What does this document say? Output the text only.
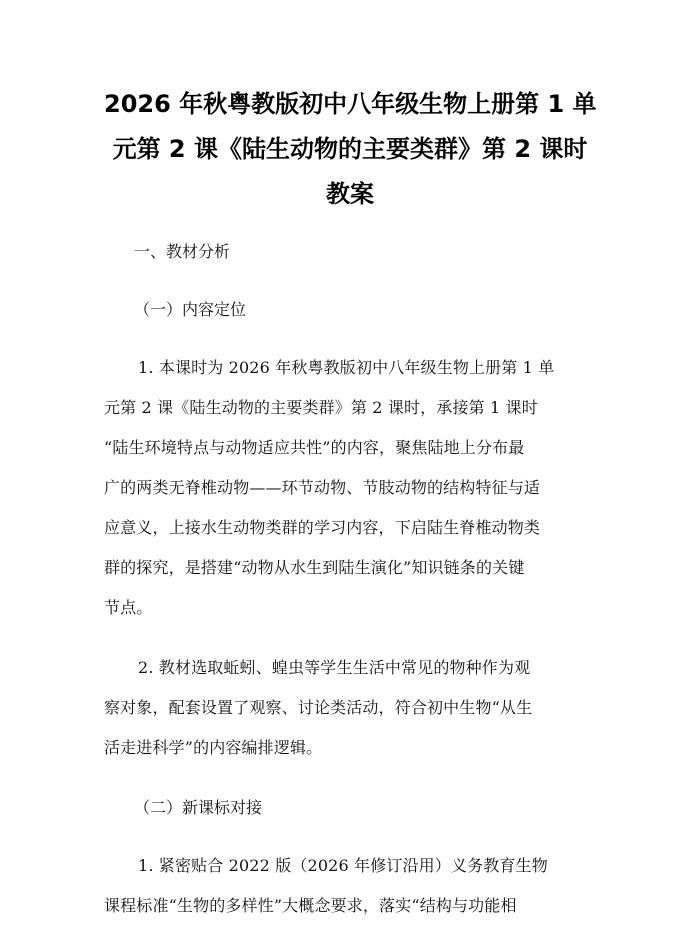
2026 年秋粤教版初中八年级生物上册第 1 单
元第 2 课《陆生动物的主要类群》第 2 课时
教案

一、教材分析

（一）内容定位

1. 本课时为 2026 年秋粤教版初中八年级生物上册第 1 单
元第 2 课《陆生动物的主要类群》第 2 课时，承接第 1 课时
“陆生环境特点与动物适应共性”的内容，聚焦陆地上分布最
广的两类无脊椎动物——环节动物、节肢动物的结构特征与适
应意义，上接水生动物类群的学习内容，下启陆生脊椎动物类
群的探究，是搭建“动物从水生到陆生演化”知识链条的关键
节点。

2. 教材选取蚯蚓、蝗虫等学生生活中常见的物种作为观
察对象，配套设置了观察、讨论类活动，符合初中生物“从生
活走进科学”的内容编排逻辑。

（二）新课标对接

1. 紧密贴合 2022 版（2026 年修订沿用）义务教育生物
课程标准“生物的多样性”大概念要求，落实“结构与功能相
